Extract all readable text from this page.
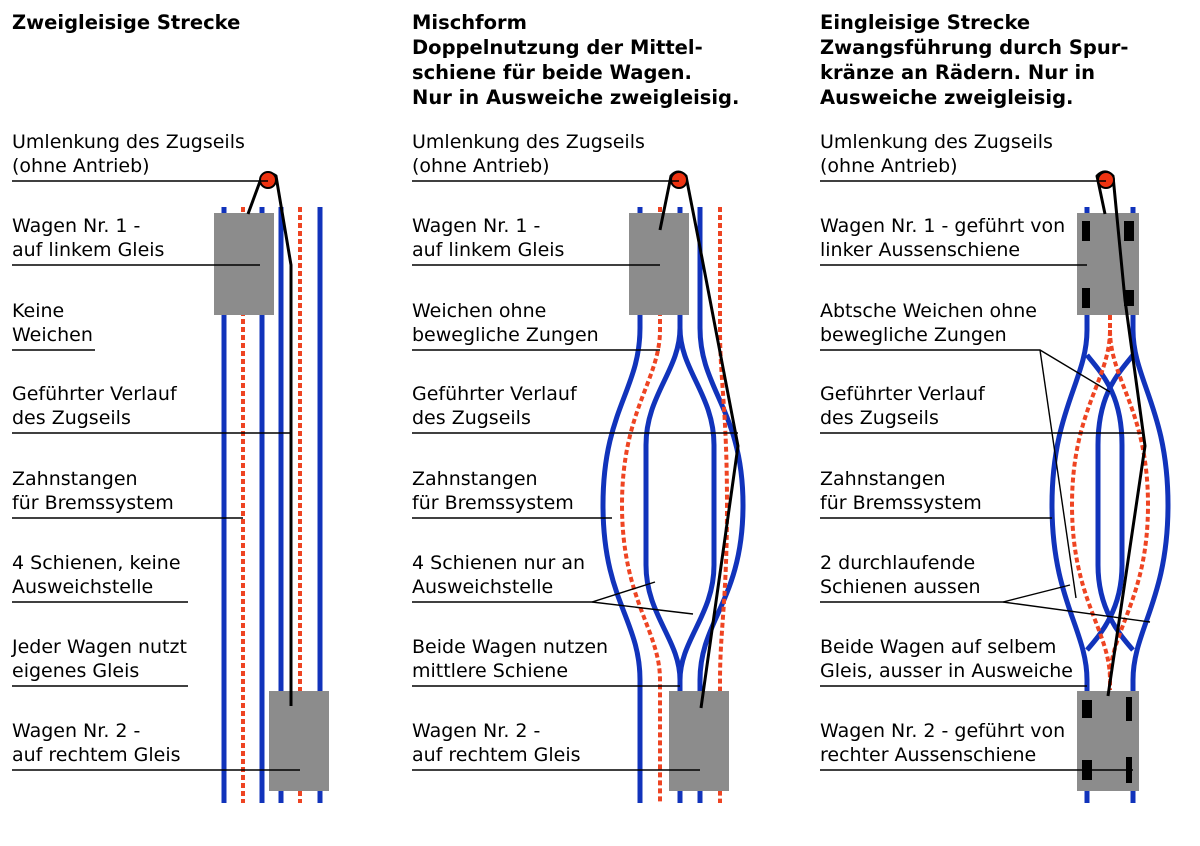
Zweigleisige Strecke	Mischform
Doppelnutzung der Mittel-
schiene für beide Wagen.
Nur in Ausweiche zweigleisig.
Eingleisige Strecke
Zwangsführung durch Spur-
kränze an Rädern. Nur in
Ausweiche zweigleisig.
Umlenkung des Zugseils
(ohne Antrieb)
Wagen Nr. 1 -
auf linkem Gleis
Keine
Weichen
Geführter Verlauf
des Zugseils
Zahnstangen
für Bremssystem
4 Schienen, keine
Ausweichstelle
Jeder Wagen nutzt
eigenes Gleis
Wagen Nr. 2 -
auf rechtem Gleis
Umlenkung des Zugseils
(ohne Antrieb)
Wagen Nr. 1 -
auf linkem Gleis
Weichen ohne
bewegliche Zungen
Geführter Verlauf
des Zugseils
Zahnstangen
für Bremssystem
4 Schienen nur an
Ausweichstelle
Beide Wagen nutzen
mittlere Schiene
Wagen Nr. 2 -
auf rechtem Gleis
Umlenkung des Zugseils
(ohne Antrieb)
Wagen Nr. 1 - geführt von
linker Aussenschiene
Abtsche Weichen ohne
bewegliche Zungen
Geführter Verlauf
des Zugseils
Zahnstangen
für Bremssystem
2 durchlaufende
Schienen aussen
Beide Wagen auf selbem
Gleis, ausser in Ausweiche
Wagen Nr. 2 - geführt von
rechter Aussenschiene
